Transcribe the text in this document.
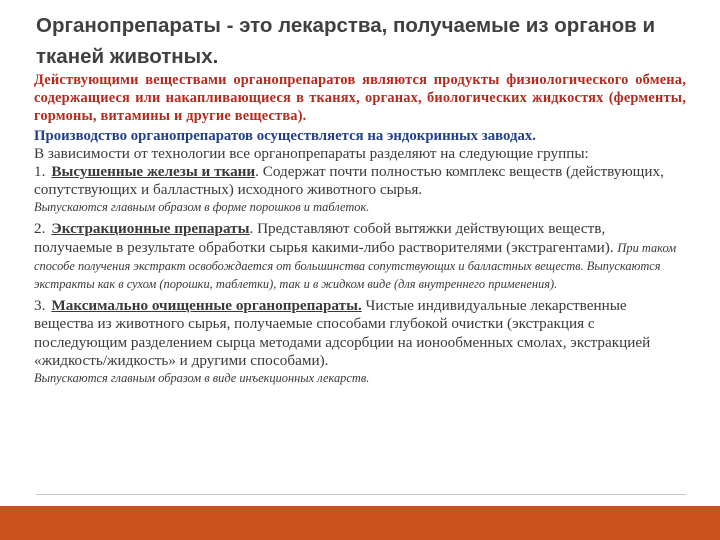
Органопрепараты - это лекарства, получаемые из органов и тканей животных.

Действующими веществами органопрепаратов являются продукты физиологического обмена, содержащиеся или накапливающиеся в тканях, органах, биологических жидкостях (ферменты, гормоны, витамины и другие вещества).

Производство органопрепаратов осуществляется на эндокринных заводах.

В зависимости от технологии все органопрепараты разделяют на следующие группы:

1. Высушенные железы и ткани. Содержат почти полностью комплекс веществ (действующих, сопутствующих и балластных) исходного животного сырья.

Выпускаются главным образом в форме порошков и таблеток.

2. Экстракционные препараты. Представляют собой вытяжки действующих веществ, получаемые в результате обработки сырья какими-либо растворителями (экстрагентами). При таком способе получения экстракт освобождается от большинства сопутствующих и балластных веществ. Выпускаются экстракты как в сухом (порошки, таблетки), так и в жидком виде (для внутреннего применения).

3. Максимально очищенные органопрепараты. Чистые индивидуальные лекарственные вещества из животного сырья, получаемые способами глубокой очистки (экстракция с последующим разделением сырца методами адсорбции на ионообменных смолах, экстракцией «жидкость/жидкость» и другими способами).

Выпускаются главным образом в виде инъекционных лекарств.
